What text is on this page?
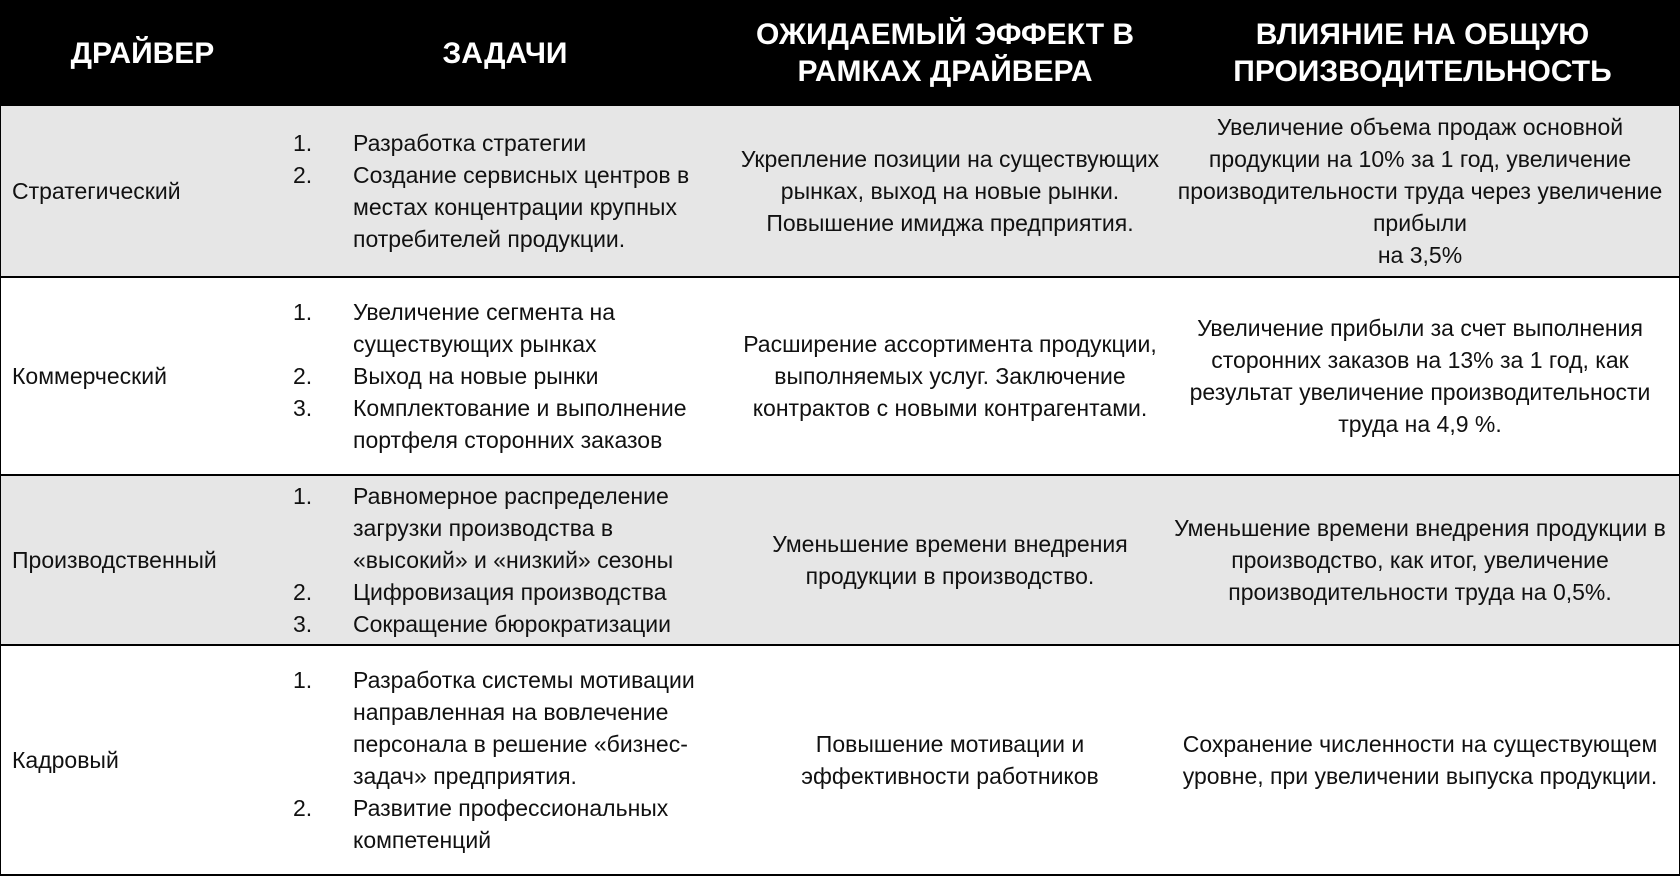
ДРАЙВЕР	ЗАДАЧИ
ОЖИДАЕМЫЙ ЭФФЕКТ В РАМКАХ ДРАЙВЕРА
ВЛИЯНИЕ НА ОБЩУЮ ПРОИЗВОДИТЕЛЬНОСТЬ
Стратегический
1. Разработка стратегии
2. Создание сервисных центров в местах концентрации крупных потребителей продукции.
Укрепление позиции на существующих рынках, выход на новые рынки. Повышение имиджа предприятия.
Увеличение объема продаж основной продукции на 10% за 1 год, увеличение производительности труда через увеличение прибыли
на 3,5%
Коммерческий
1. Увеличение сегмента на существующих рынках
2. Выход на новые рынки
3. Комплектование и выполнение портфеля сторонних заказов
Расширение ассортимента продукции, выполняемых услуг. Заключение контрактов с новыми контрагентами.
Увеличение прибыли за счет выполнения сторонних заказов на 13% за 1 год, как результат увеличение производительности труда на 4,9 %.
Производственный
1. Равномерное распределение загрузки производства в «высокий» и «низкий» сезоны
2. Цифровизация производства
3. Сокращение бюрократизации
Уменьшение времени внедрения продукции в производство.
Уменьшение времени внедрения продукции в производство, как итог, увеличение производительности труда на 0,5%.
Кадровый
1. Разработка системы мотивации направленная на вовлечение персонала в решение «бизнес-задач» предприятия.
2. Развитие профессиональных компетенций
Повышение мотивации и эффективности работников
Сохранение численности на существующем уровне, при увеличении выпуска продукции.
